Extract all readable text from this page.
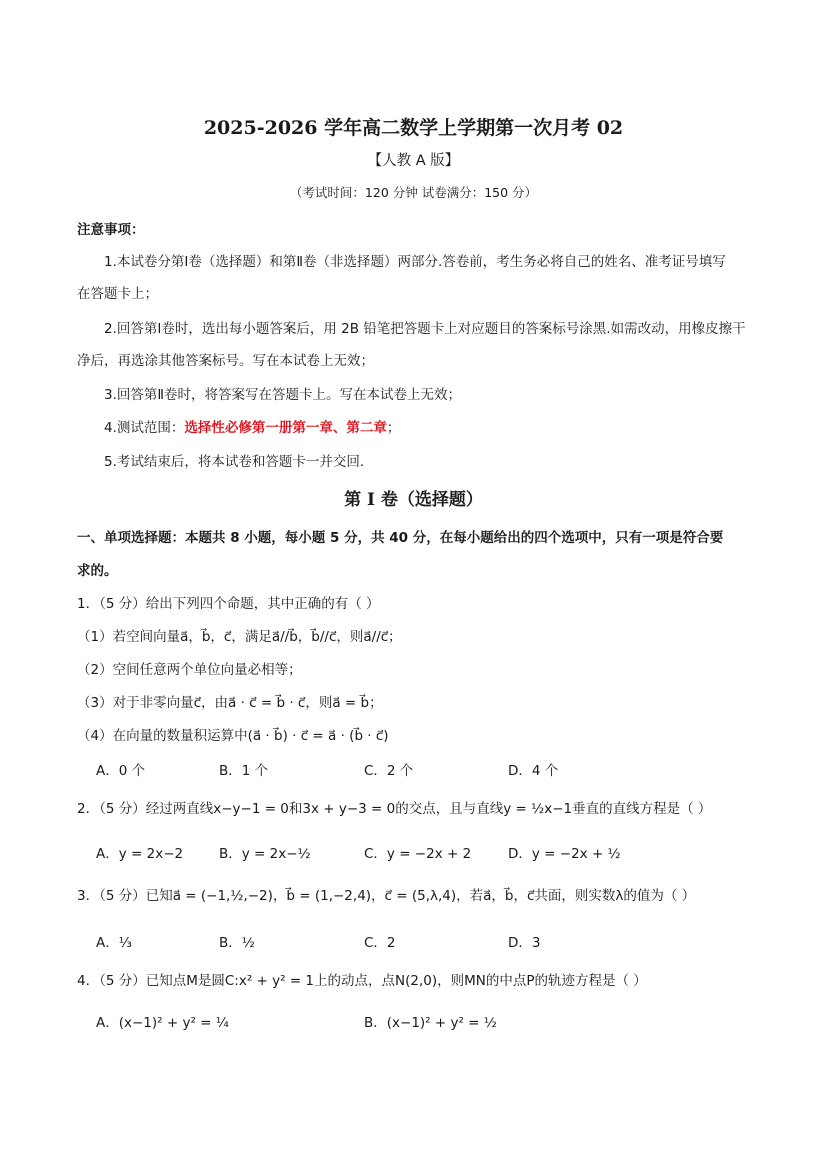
2025-2026 学年高二数学上学期第一次月考 02
【人教 A 版】
（考试时间：120 分钟 试卷满分：150 分）
注意事项：
1.本试卷分第Ⅰ卷（选择题）和第Ⅱ卷（非选择题）两部分.答卷前，考生务必将自己的姓名、准考证号填写
在答题卡上；
2.回答第Ⅰ卷时，选出每小题答案后，用 2B 铅笔把答题卡上对应题目的答案标号涂黑.如需改动，用橡皮擦干
净后，再选涂其他答案标号。写在本试卷上无效；
3.回答第Ⅱ卷时，将答案写在答题卡上。写在本试卷上无效；
4.测试范围：选择性必修第一册第一章、第二章；
5.考试结束后，将本试卷和答题卡一并交回.
第 I 卷（选择题）
一、单项选择题：本题共 8 小题，每小题 5 分，共 40 分，在每小题给出的四个选项中，只有一项是符合要
求的。
1．（5 分）给出下列四个命题，其中正确的有（ ）
（1）若空间向量a⃗，b⃗，c⃗，满足a⃗//b⃗，b⃗//c⃗，则a⃗//c⃗；
（2）空间任意两个单位向量必相等；
（3）对于非零向量c⃗，由a⃗ · c⃗ = b⃗ · c⃗，则a⃗ = b⃗；
（4）在向量的数量积运算中(a⃗ · b⃗) · c⃗ = a⃗ · (b⃗ · c⃗)
A．0 个	B．1 个	C．2 个	D．4 个
2．（5 分）经过两直线x−y−1 = 0和3x + y−3 = 0的交点，且与直线y = ½x−1垂直的直线方程是（ ）
A．y = 2x−2	B．y = 2x−½	C．y = −2x + 2	D．y = −2x + ½
3．（5 分）已知a⃗ = (−1,½,−2)，b⃗ = (1,−2,4)，c⃗ = (5,λ,4)，若a⃗，b⃗，c⃗共面，则实数λ的值为（ ）
A．⅓	B．½	C．2	D．3
4．（5 分）已知点M是圆C:x² + y² = 1上的动点，点N(2,0)，则MN的中点P的轨迹方程是（ ）
A．(x−1)² + y² = ¼	B．(x−1)² + y² = ½
